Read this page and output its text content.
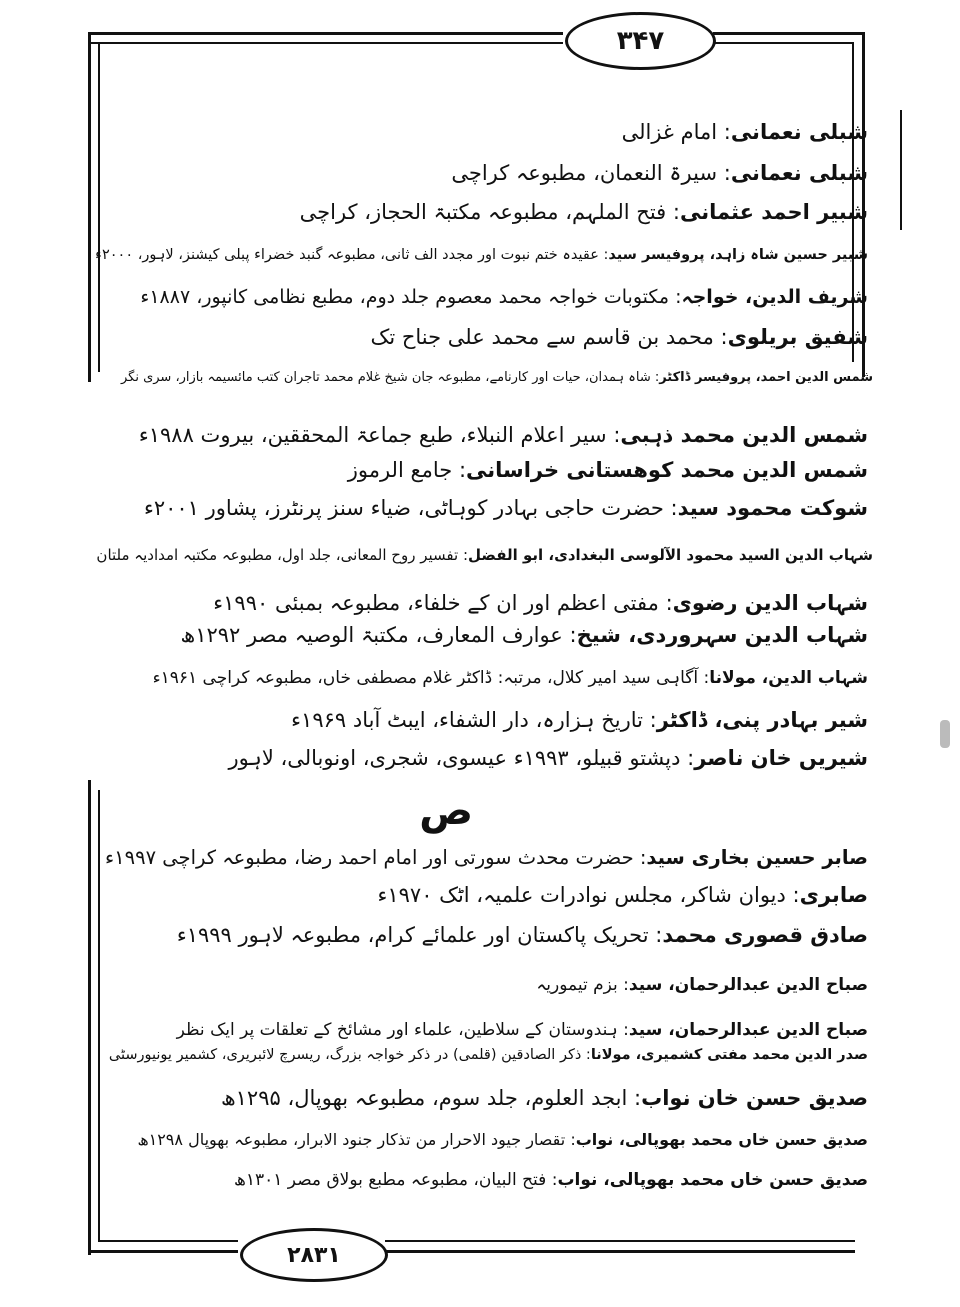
۳۴۷
۲۸۳۱
شبلی نعمانی: امام غزالی
شبلی نعمانی: سیرۃ النعمان، مطبوعہ کراچی
شبیر احمد عثمانی: فتح الملہم، مطبوعہ مکتبۃ الحجاز، کراچی
شبیر حسین شاہ زاہد، پروفیسر سید: عقیدہ ختم نبوت اور مجدد الف ثانی، مطبوعہ گنبد خضراء پبلی کیشنز، لاہور، ۲۰۰۰ء
شریف الدین، خواجہ: مکتوبات خواجہ محمد معصوم جلد دوم، مطبع نظامی کانپور، ۱۸۸۷ء
شفیق بریلوی: محمد بن قاسم سے محمد علی جناح تک
شمس الدین احمد، پروفیسر ڈاکٹر: شاہ ہمدان، حیات اور کارنامے، مطبوعہ جان شیخ غلام محمد تاجران کتب مائسیمہ بازار، سری نگر
شمس الدین محمد ذہبی: سیر اعلام النبلاء، طبع جماعۃ المحققین، بیروت ۱۹۸۸ء
شمس الدین محمد کوھستانی خراسانی: جامع الرموز
شوکت محمود سید: حضرت حاجی بہادر کوہاٹی، ضیاء سنز پرنٹرز، پشاور ۲۰۰۱ء
شہاب الدین السید محمود الآلوسی البغدادی، ابو الفضل: تفسیر روح المعانی، جلد اول، مطبوعہ مکتبہ امدادیہ ملتان
شہاب الدین رضوی: مفتی اعظم اور ان کے خلفاء، مطبوعہ بمبئی ۱۹۹۰ء
شہاب الدین سہروردی، شیخ: عوارف المعارف، مکتبۃ الوصیہ مصر ۱۲۹۲ھ
شہاب الدین، مولانا: آگاہی سید امیر کلال، مرتبہ: ڈاکٹر غلام مصطفی خاں، مطبوعہ کراچی ۱۹۶۱ء
شیر بہادر پنی، ڈاکٹر: تاریخ ہزارہ، دار الشفاء، ایبٹ آباد ۱۹۶۹ء
شیریں خان ناصر: دپشتو قبیلو، ۱۹۹۳ء عیسوی، شجری، اونوبالی، لاہور
ص
صابر حسین بخاری سید: حضرت محدث سورتی اور امام احمد رضا، مطبوعہ کراچی ۱۹۹۷ء
صابری: دیوان شاکر، مجلس نوادرات علمیہ، اٹک ۱۹۷۰ء
صادق قصوری محمد: تحریک پاکستان اور علمائے کرام، مطبوعہ لاہور ۱۹۹۹ء
صباح الدین عبدالرحمان، سید: بزم تیموریہ
صباح الدین عبدالرحمان، سید: ہندوستان کے سلاطین، علماء اور مشائخ کے تعلقات پر ایک نظر
صدر الدین محمد مفتی کشمیری، مولانا: ذکر الصادقین (قلمی) در ذکر خواجہ بزرگ، ریسرچ لائبریری، کشمیر یونیورسٹی
صدیق حسن خان نواب: ابجد العلوم، جلد سوم، مطبوعہ بھوپال، ۱۲۹۵ھ
صدیق حسن خاں محمد بھوپالی، نواب: تقصار جیود الاحرار من تذکار جنود الابرار، مطبوعہ بھوپال ۱۲۹۸ھ
صدیق حسن خاں محمد بھوپالی، نواب: فتح البیان، مطبوعہ مطبع بولاق مصر ۱۳۰۱ھ
